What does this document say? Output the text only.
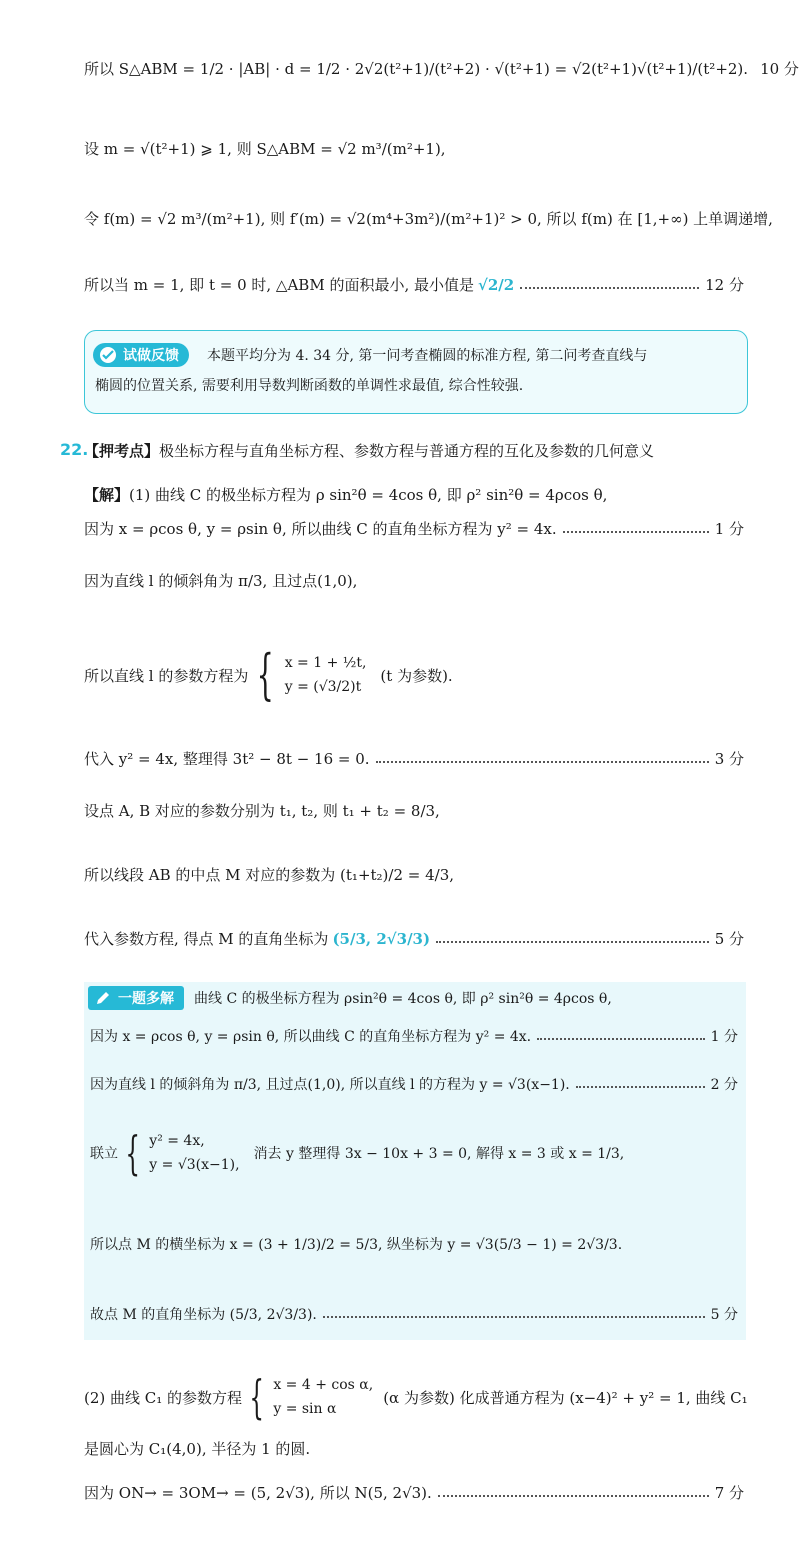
所以 S△ABM = 1/2 · |AB| · d = 1/2 · 2√2(t²+1)/(t²+2) · √(t²+1) = √2(t²+1)√(t²+1)/(t²+2). 10 分
设 m = √(t²+1) ⩾ 1, 则 S△ABM = √2 m³/(m²+1),
令 f(m) = √2 m³/(m²+1), 则 f′(m) = √2(m⁴+3m²)/(m²+1)² > 0, 所以 f(m) 在 [1,+∞) 上单调递增,
所以当 m = 1, 即 t = 0 时, △ABM 的面积最小, 最小值是 √2/2	12 分
试做反馈 本题平均分为 4. 34 分, 第一问考查椭圆的标准方程, 第二问考查直线与
椭圆的位置关系, 需要利用导数判断函数的单调性求最值, 综合性较强.
22.
【押考点】极坐标方程与直角坐标方程、参数方程与普通方程的互化及参数的几何意义
【解】 (1) 曲线 C 的极坐标方程为 ρ sin²θ = 4cos θ, 即 ρ² sin²θ = 4ρcos θ,
因为 x = ρcos θ, y = ρsin θ, 所以曲线 C 的直角坐标方程为 y² = 4x.	1 分
因为直线 l 的倾斜角为 π/3, 且过点(1,0),
所以直线 l 的参数方程为 { x = 1 + ½t,
y = (√3/2)t
(t 为参数).
代入 y² = 4x, 整理得 3t² − 8t − 16 = 0.	3 分
设点 A, B 对应的参数分别为 t₁, t₂, 则 t₁ + t₂ = 8/3,
所以线段 AB 的中点 M 对应的参数为 (t₁+t₂)/2 = 4/3,
代入参数方程, 得点 M 的直角坐标为 (5/3, 2√3/3)	5 分
一题多解 曲线 C 的极坐标方程为 ρsin²θ = 4cos θ, 即 ρ² sin²θ = 4ρcos θ,
因为 x = ρcos θ, y = ρsin θ, 所以曲线 C 的直角坐标方程为 y² = 4x.	1 分
因为直线 l 的倾斜角为 π/3, 且过点(1,0), 所以直线 l 的方程为 y = √3(x−1).	2 分
联立 { y² = 4x,
y = √3(x−1),
消去 y 整理得 3x − 10x + 3 = 0, 解得 x = 3 或 x = 1/3,
所以点 M 的横坐标为 x = (3 + 1/3)/2 = 5/3, 纵坐标为 y = √3(5/3 − 1) = 2√3/3.
故点 M 的直角坐标为 (5/3, 2√3/3).	5 分
(2) 曲线 C₁ 的参数方程 { x = 4 + cos α,
y = sin α
(α 为参数) 化成普通方程为 (x−4)² + y² = 1, 曲线 C₁
是圆心为 C₁(4,0), 半径为 1 的圆.
因为 ON→ = 3OM→ = (5, 2√3), 所以 N(5, 2√3).	7 分
